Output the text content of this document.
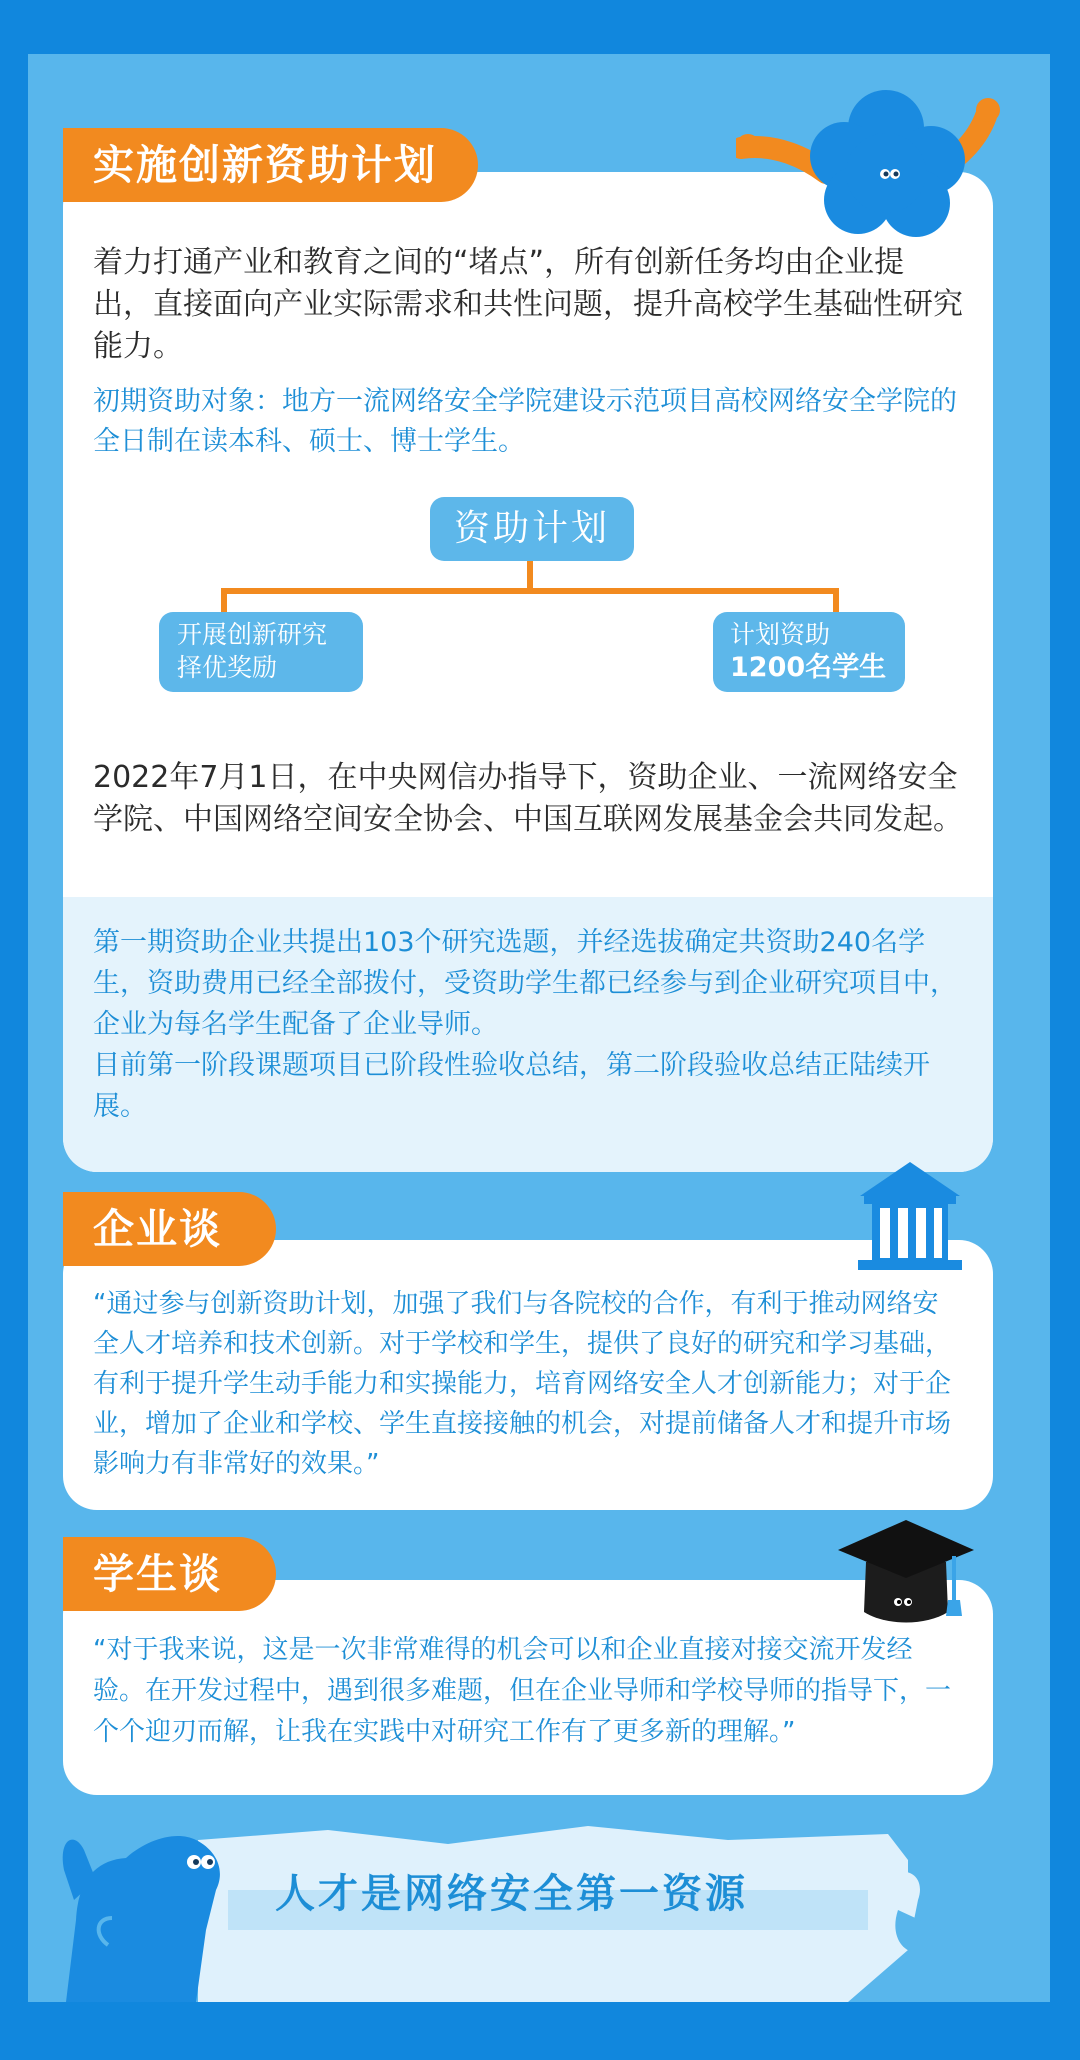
着力打通产业和教育之间的“堵点”，所有创新任务均由企业提出，直接面向产业实际需求和共性问题，提升高校学生基础性研究能力。

初期资助对象：地方一流网络安全学院建设示范项目高校网络安全学院的全日制在读本科、硕士、博士学生。

资助计划
开展创新研究
择优奖励
计划资助
1200名学生

2022年7月1日，在中央网信办指导下，资助企业、一流网络安全学院、中国网络空间安全协会、中国互联网发展基金会共同发起。

第一期资助企业共提出103个研究选题，并经选拔确定共资助240名学生，资助费用已经全部拨付，受资助学生都已经参与到企业研究项目中，企业为每名学生配备了企业导师。

目前第一阶段课题项目已阶段性验收总结，第二阶段验收总结正陆续开展。

实施创新资助计划

“通过参与创新资助计划，加强了我们与各院校的合作，有利于推动网络安全人才培养和技术创新。对于学校和学生，提供了良好的研究和学习基础，有利于提升学生动手能力和实操能力，培育网络安全人才创新能力；对于企业，增加了企业和学校、学生直接接触的机会，对提前储备人才和提升市场影响力有非常好的效果。”

企业谈

“对于我来说，这是一次非常难得的机会可以和企业直接对接交流开发经验。在开发过程中，遇到很多难题，但在企业导师和学校导师的指导下，一个个迎刃而解，让我在实践中对研究工作有了更多新的理解。”

学生谈
人才是网络安全第一资源
